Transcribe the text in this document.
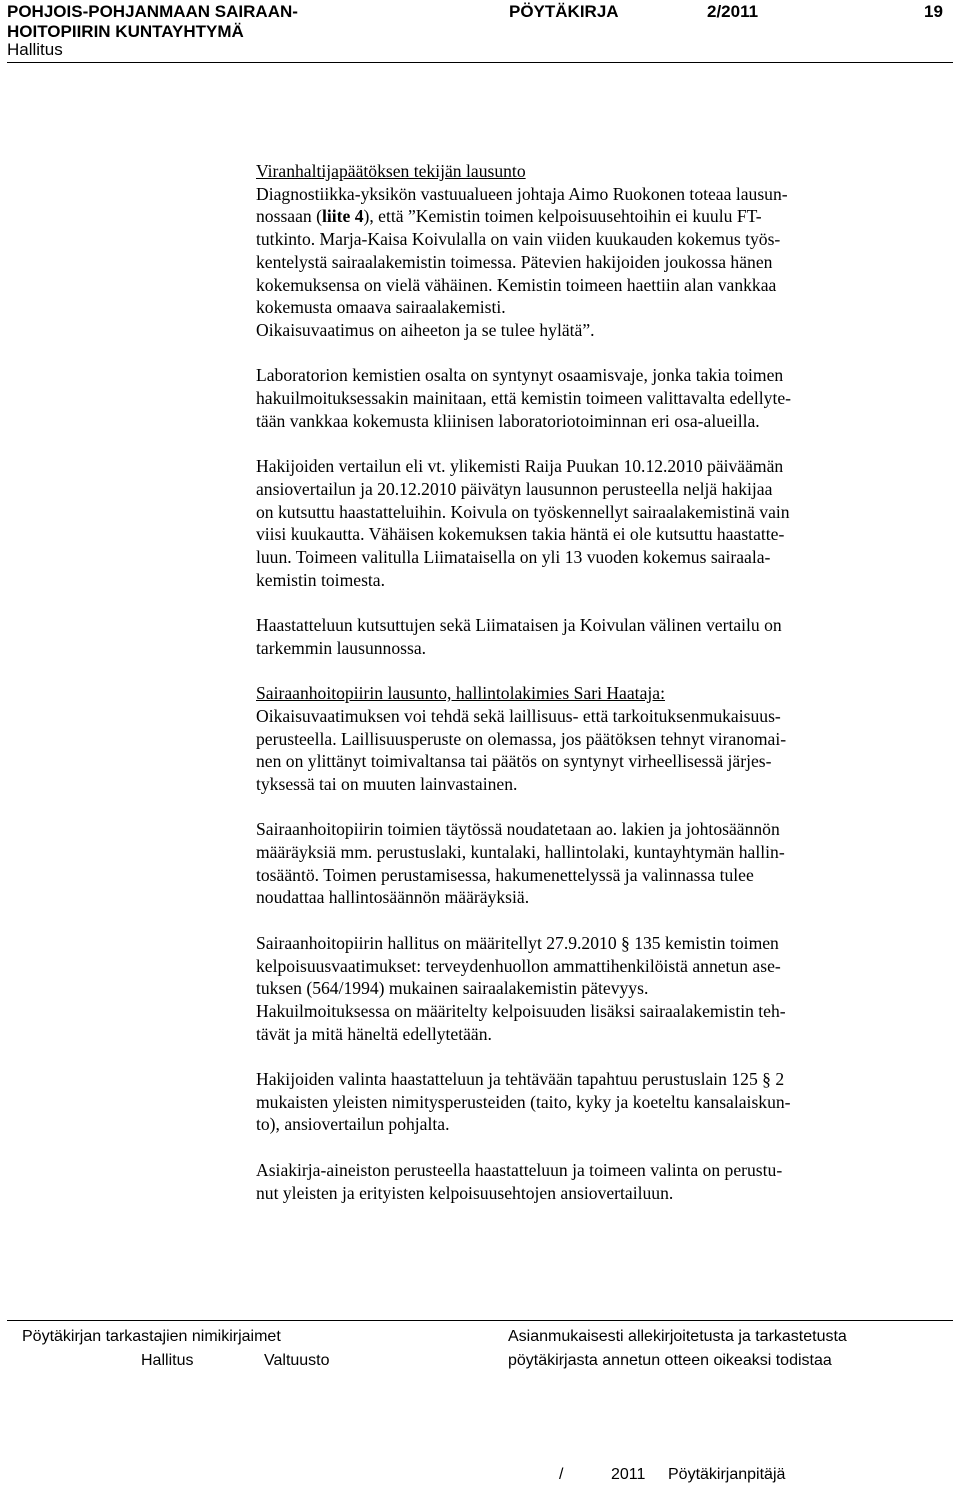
POHJOIS-POHJANMAAN SAIRAAN-
HOITOPIIRIN KUNTAYHTYMÄ
PÖYTÄKIRJA	2/2011	19
Hallitus

Viranhaltijapäätöksen tekijän lausunto
Diagnostiikka-yksikön vastuualueen johtaja Aimo Ruokonen toteaa lausun-
nossaan (liite 4), että ”Kemistin toimen kelpoisuusehtoihin ei kuulu FT-
tutkinto. Marja-Kaisa Koivulalla on vain viiden kuukauden kokemus työs-
kentelystä sairaalakemistin toimessa. Pätevien hakijoiden joukossa hänen
kokemuksensa on vielä vähäinen. Kemistin toimeen haettiin alan vankkaa
kokemusta omaava sairaalakemisti.
Oikaisuvaatimus on aiheeton ja se tulee hylätä”.

Laboratorion kemistien osalta on syntynyt osaamisvaje, jonka takia toimen
hakuilmoituksessakin mainitaan, että kemistin toimeen valittavalta edellyte-
tään vankkaa kokemusta kliinisen laboratoriotoiminnan eri osa-alueilla.

Hakijoiden vertailun eli vt. ylikemisti Raija Puukan 10.12.2010 päiväämän
ansiovertailun ja 20.12.2010 päivätyn lausunnon perusteella neljä hakijaa
on kutsuttu haastatteluihin. Koivula on työskennellyt sairaalakemistinä vain
viisi kuukautta. Vähäisen kokemuksen takia häntä ei ole kutsuttu haastatte-
luun. Toimeen valitulla Liimataisella on yli 13 vuoden kokemus sairaala-
kemistin toimesta.

Haastatteluun kutsuttujen sekä Liimataisen ja Koivulan välinen vertailu on
tarkemmin lausunnossa.

Sairaanhoitopiirin lausunto, hallintolakimies Sari Haataja:
Oikaisuvaatimuksen voi tehdä sekä laillisuus- että tarkoituksenmukaisuus-
perusteella. Laillisuusperuste on olemassa, jos päätöksen tehnyt viranomai-
nen on ylittänyt toimivaltansa tai päätös on syntynyt virheellisessä järjes-
tyksessä tai on muuten lainvastainen.

Sairaanhoitopiirin toimien täytössä noudatetaan ao. lakien ja johtosäännön
määräyksiä mm. perustuslaki, kuntalaki, hallintolaki, kuntayhtymän hallin-
tosääntö. Toimen perustamisessa, hakumenettelyssä ja valinnassa tulee
noudattaa hallintosäännön määräyksiä.

Sairaanhoitopiirin hallitus on määritellyt 27.9.2010 § 135 kemistin toimen
kelpoisuusvaatimukset: terveydenhuollon ammattihenkilöistä annetun ase-
tuksen (564/1994) mukainen sairaalakemistin pätevyys.
Hakuilmoituksessa on määritelty kelpoisuuden lisäksi sairaalakemistin teh-
tävät ja mitä häneltä edellytetään.

Hakijoiden valinta haastatteluun ja tehtävään tapahtuu perustuslain 125 § 2
mukaisten yleisten nimitysperusteiden (taito, kyky ja koeteltu kansalaiskun-
to), ansiovertailun pohjalta.

Asiakirja-aineiston perusteella haastatteluun ja toimeen valinta on perustu-
nut yleisten ja erityisten kelpoisuusehtojen ansiovertailuun.

Pöytäkirjan tarkastajien nimikirjaimet
Hallitus	Valtuusto
Asianmukaisesti allekirjoitetusta ja tarkastetusta
pöytäkirjasta annetun otteen oikeaksi todistaa
/	2011 Pöytäkirjanpitäjä
